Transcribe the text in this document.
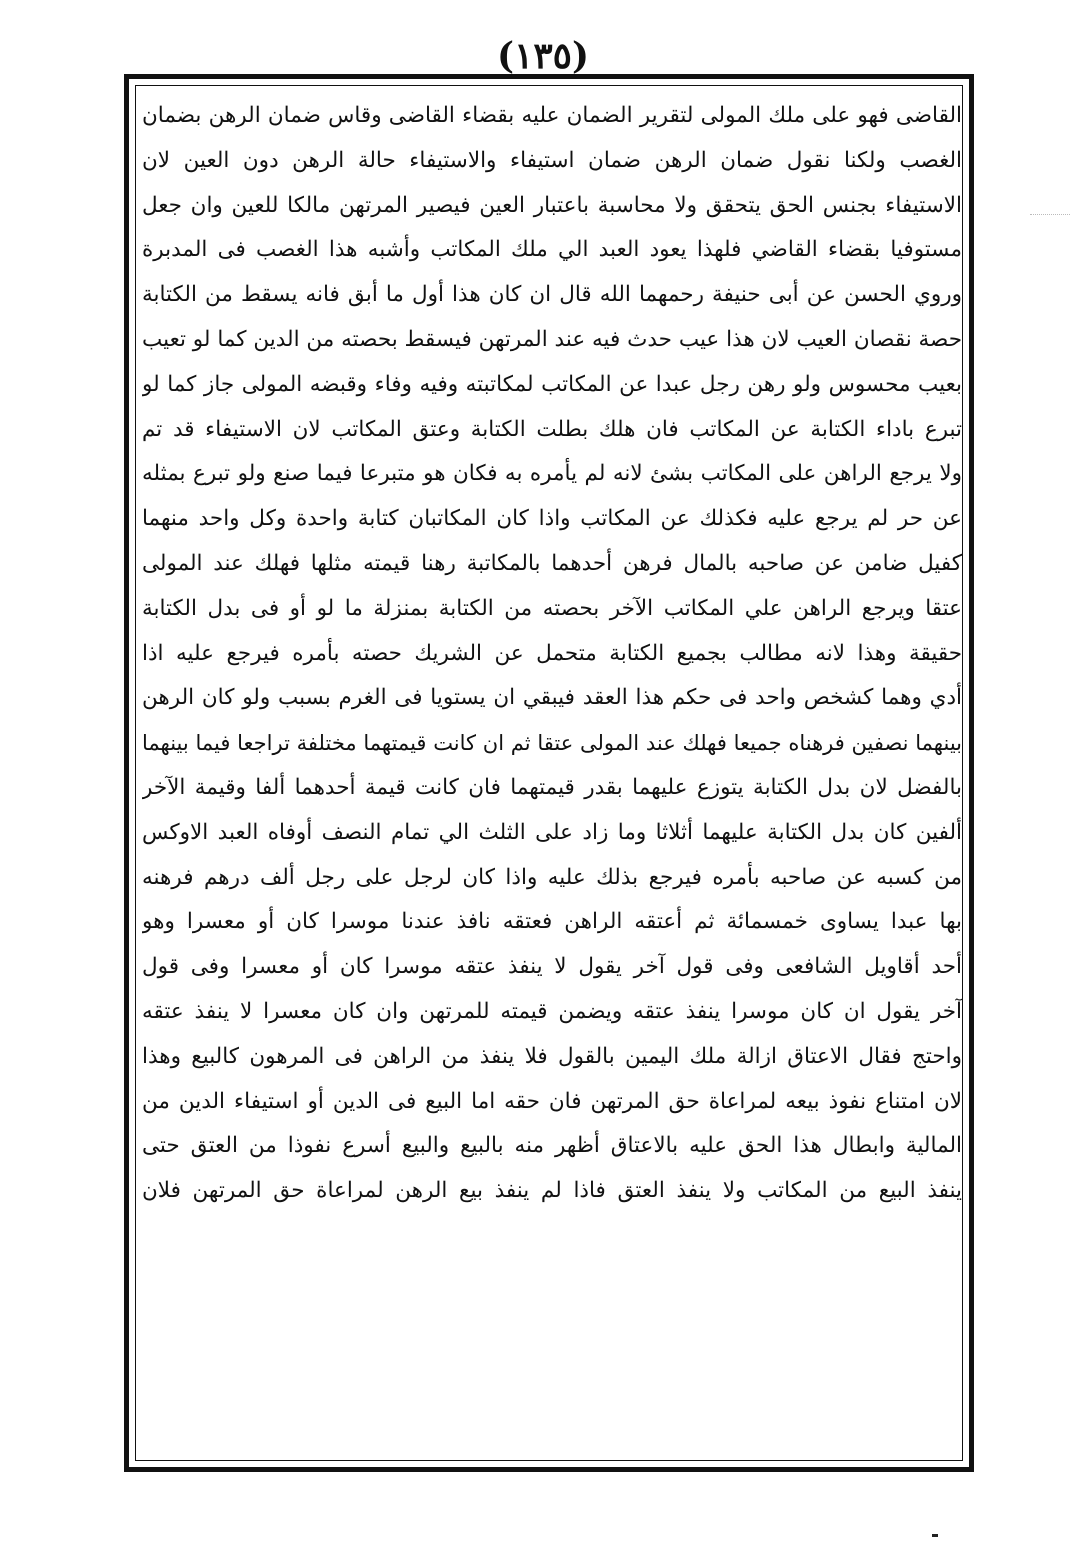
(١٣٥)
القاضى فهو على ملك المولى لتقرير الضمان عليه بقضاء القاضى وقاس ضمان الرهن بضمان
الغصب ولكنا نقول ضمان الرهن ضمان استيفاء والاستيفاء حالة الرهن دون العين لان
الاستيفاء بجنس الحق يتحقق ولا محاسبة باعتبار العين فيصير المرتهن مالكا للعين وان جعل
مستوفيا بقضاء القاضي فلهذا يعود العبد الي ملك المكاتب وأشبه هذا الغصب فى المدبرة
وروي الحسن عن أبى حنيفة رحمهما الله قال ان كان هذا أول ما أبق فانه يسقط من الكتابة
حصة نقصان العيب لان هذا عيب حدث فيه عند المرتهن فيسقط بحصته من الدين كما لو تعيب
بعيب محسوس ولو رهن رجل عبدا عن المكاتب لمكاتبته وفيه وفاء وقبضه المولى جاز كما لو
تبرع باداء الكتابة عن المكاتب فان هلك بطلت الكتابة وعتق المكاتب لان الاستيفاء قد تم
ولا يرجع الراهن على المكاتب بشئ لانه لم يأمره به فكان هو متبرعا فيما صنع ولو تبرع بمثله
عن حر لم يرجع عليه فكذلك عن المكاتب واذا كان المكاتبان كتابة واحدة وكل واحد منهما
كفيل ضامن عن صاحبه بالمال فرهن أحدهما بالمكاتبة رهنا قيمته مثلها فهلك عند المولى
عتقا ويرجع الراهن علي المكاتب الآخر بحصته من الكتابة بمنزلة ما لو أو فى بدل الكتابة
حقيقة وهذا لانه مطالب بجميع الكتابة متحمل عن الشريك حصته بأمره فيرجع عليه اذا
أدي وهما كشخص واحد فى حكم هذا العقد فيبقي ان يستويا فى الغرم بسبب ولو كان الرهن
بينهما نصفين فرهناه جميعا فهلك عند المولى عتقا ثم ان كانت قيمتهما مختلفة تراجعا فيما بينهما
بالفضل لان بدل الكتابة يتوزع عليهما بقدر قيمتهما فان كانت قيمة أحدهما ألفا وقيمة الآخر
ألفين كان بدل الكتابة عليهما أثلاثا وما زاد على الثلث الي تمام النصف أوفاه العبد الاوكس
من كسبه عن صاحبه بأمره فيرجع بذلك عليه واذا كان لرجل على رجل ألف درهم فرهنه
بها عبدا يساوى خمسمائة ثم أعتقه الراهن فعتقه نافذ عندنا موسرا كان أو معسرا وهو
أحد أقاويل الشافعى وفى قول آخر يقول لا ينفذ عتقه موسرا كان أو معسرا وفى قول
آخر يقول ان كان موسرا ينفذ عتقه ويضمن قيمته للمرتهن وان كان معسرا لا ينفذ عتقه
واحتج فقال الاعتاق ازالة ملك اليمين بالقول فلا ينفذ من الراهن فى المرهون كالبيع وهذا
لان امتناع نفوذ بيعه لمراعاة حق المرتهن فان حقه اما البيع فى الدين أو استيفاء الدين من
المالية وابطال هذا الحق عليه بالاعتاق أظهر منه بالبيع والبيع أسرع نفوذا من العتق حتى
ينفذ البيع من المكاتب ولا ينفذ العتق فاذا لم ينفذ بيع الرهن لمراعاة حق المرتهن فلان
